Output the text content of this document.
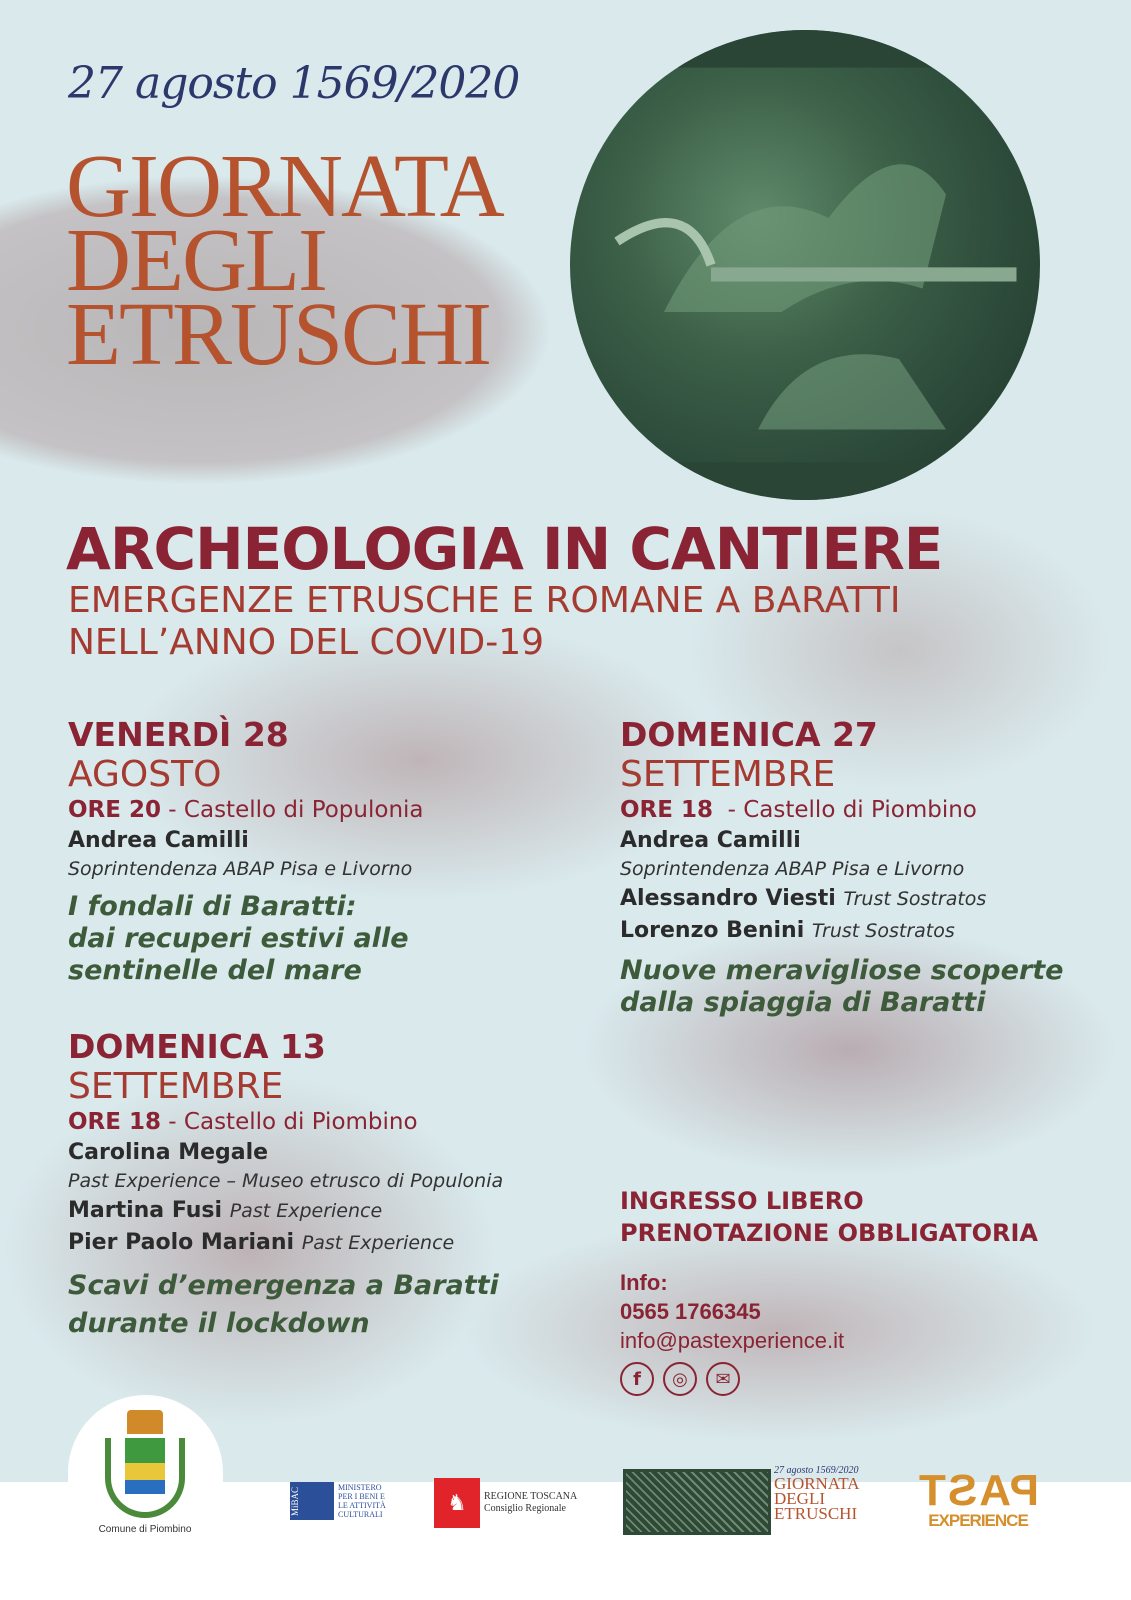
27 agosto 1569/2020
GIORNATA
DEGLI
ETRUSCHI
ARCHEOLOGIA IN CANTIERE
EMERGENZE ETRUSCHE E ROMANE A BARATTI
NELL’ANNO DEL COVID-19
VENERDÌ 28
AGOSTO
ORE 20 - Castello di Populonia
Andrea Camilli
Soprintendenza ABAP Pisa e Livorno
I fondali di Baratti:
dai recuperi estivi alle
sentinelle del mare
DOMENICA 13
SETTEMBRE
ORE 18 - Castello di Piombino
Carolina Megale
Past Experience – Museo etrusco di Populonia
Martina Fusi Past Experience
Pier Paolo Mariani Past Experience
Scavi d’emergenza a Baratti
durante il lockdown
DOMENICA 27
SETTEMBRE
ORE 18  - Castello di Piombino
Andrea Camilli
Soprintendenza ABAP Pisa e Livorno
Alessandro Viesti Trust Sostratos
Lorenzo Benini Trust Sostratos
Nuove meravigliose scoperte
dalla spiaggia di Baratti
INGRESSO LIBERO
PRENOTAZIONE OBBLIGATORIA
Info:
0565 1766345
info@pastexperience.it
f	◎	✉
Comune di Piombino
MiBAC	MINISTERO
PER I BENI E
LE ATTIVITÀ
CULTURALI	♞	REGIONE TOSCANA
Consiglio Regionale
27 agosto 1569/2020
GIORNATA
DEGLI
ETRUSCHI PAST
EXPERIENCE
